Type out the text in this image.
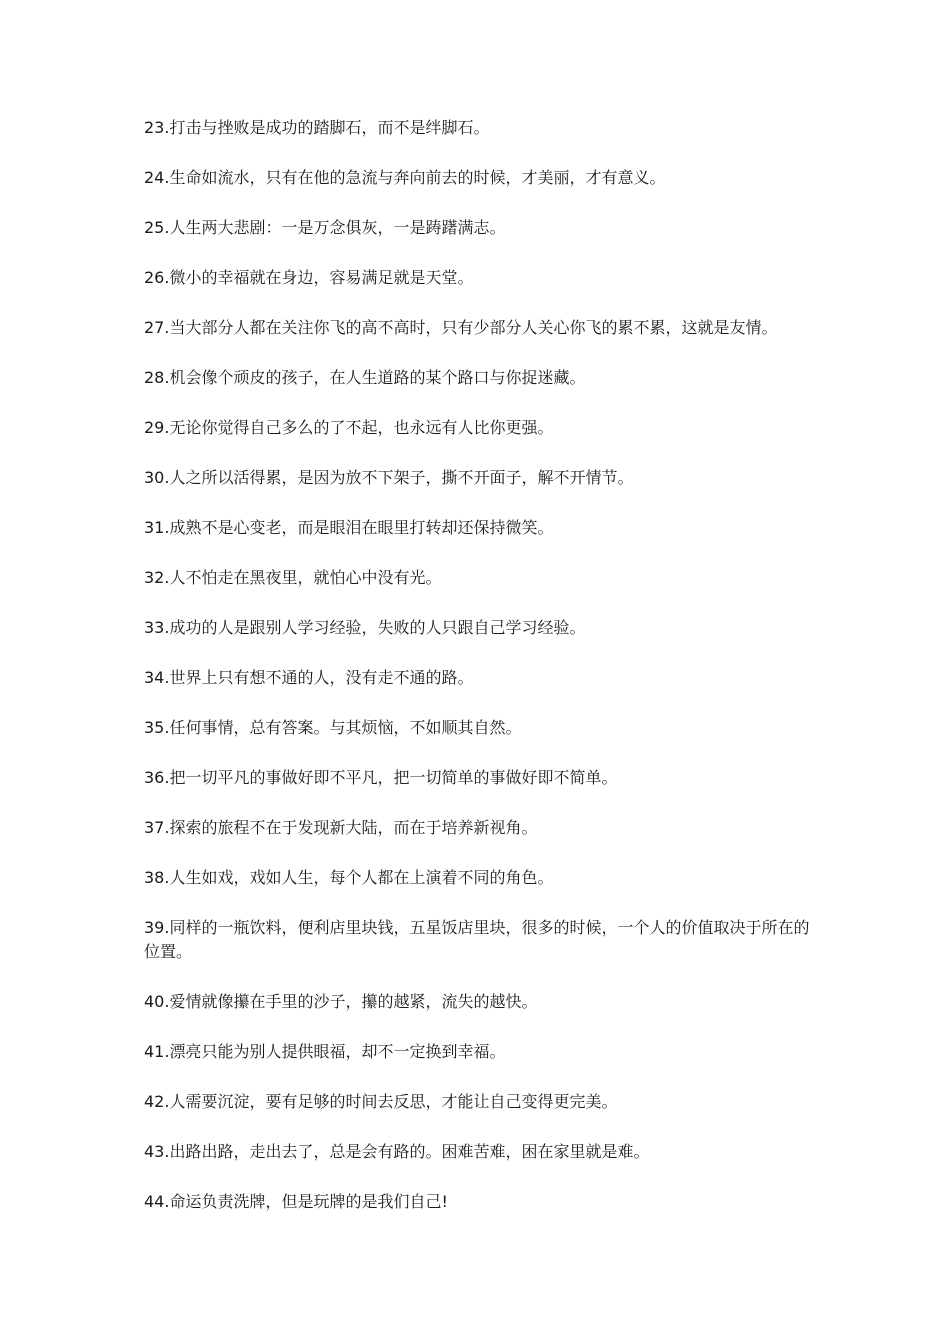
23.打击与挫败是成功的踏脚石，而不是绊脚石。
24.生命如流水，只有在他的急流与奔向前去的时候，才美丽，才有意义。
25.人生两大悲剧：一是万念俱灰，一是踌躇满志。
26.微小的幸福就在身边，容易满足就是天堂。
27.当大部分人都在关注你飞的高不高时，只有少部分人关心你飞的累不累，这就是友情。
28.机会像个顽皮的孩子，在人生道路的某个路口与你捉迷藏。
29.无论你觉得自己多么的了不起，也永远有人比你更强。
30.人之所以活得累，是因为放不下架子，撕不开面子，解不开情节。
31.成熟不是心变老，而是眼泪在眼里打转却还保持微笑。
32.人不怕走在黑夜里，就怕心中没有光。
33.成功的人是跟别人学习经验，失败的人只跟自己学习经验。
34.世界上只有想不通的人，没有走不通的路。
35.任何事情，总有答案。与其烦恼，不如顺其自然。
36.把一切平凡的事做好即不平凡，把一切简单的事做好即不简单。
37.探索的旅程不在于发现新大陆，而在于培养新视角。
38.人生如戏，戏如人生，每个人都在上演着不同的角色。
39.同样的一瓶饮料，便利店里块钱，五星饭店里块，很多的时候，一个人的价值取决于所在的位置。
40.爱情就像攥在手里的沙子，攥的越紧，流失的越快。
41.漂亮只能为别人提供眼福，却不一定换到幸福。
42.人需要沉淀，要有足够的时间去反思，才能让自己变得更完美。
43.出路出路，走出去了，总是会有路的。困难苦难，困在家里就是难。
44.命运负责洗牌，但是玩牌的是我们自己!
